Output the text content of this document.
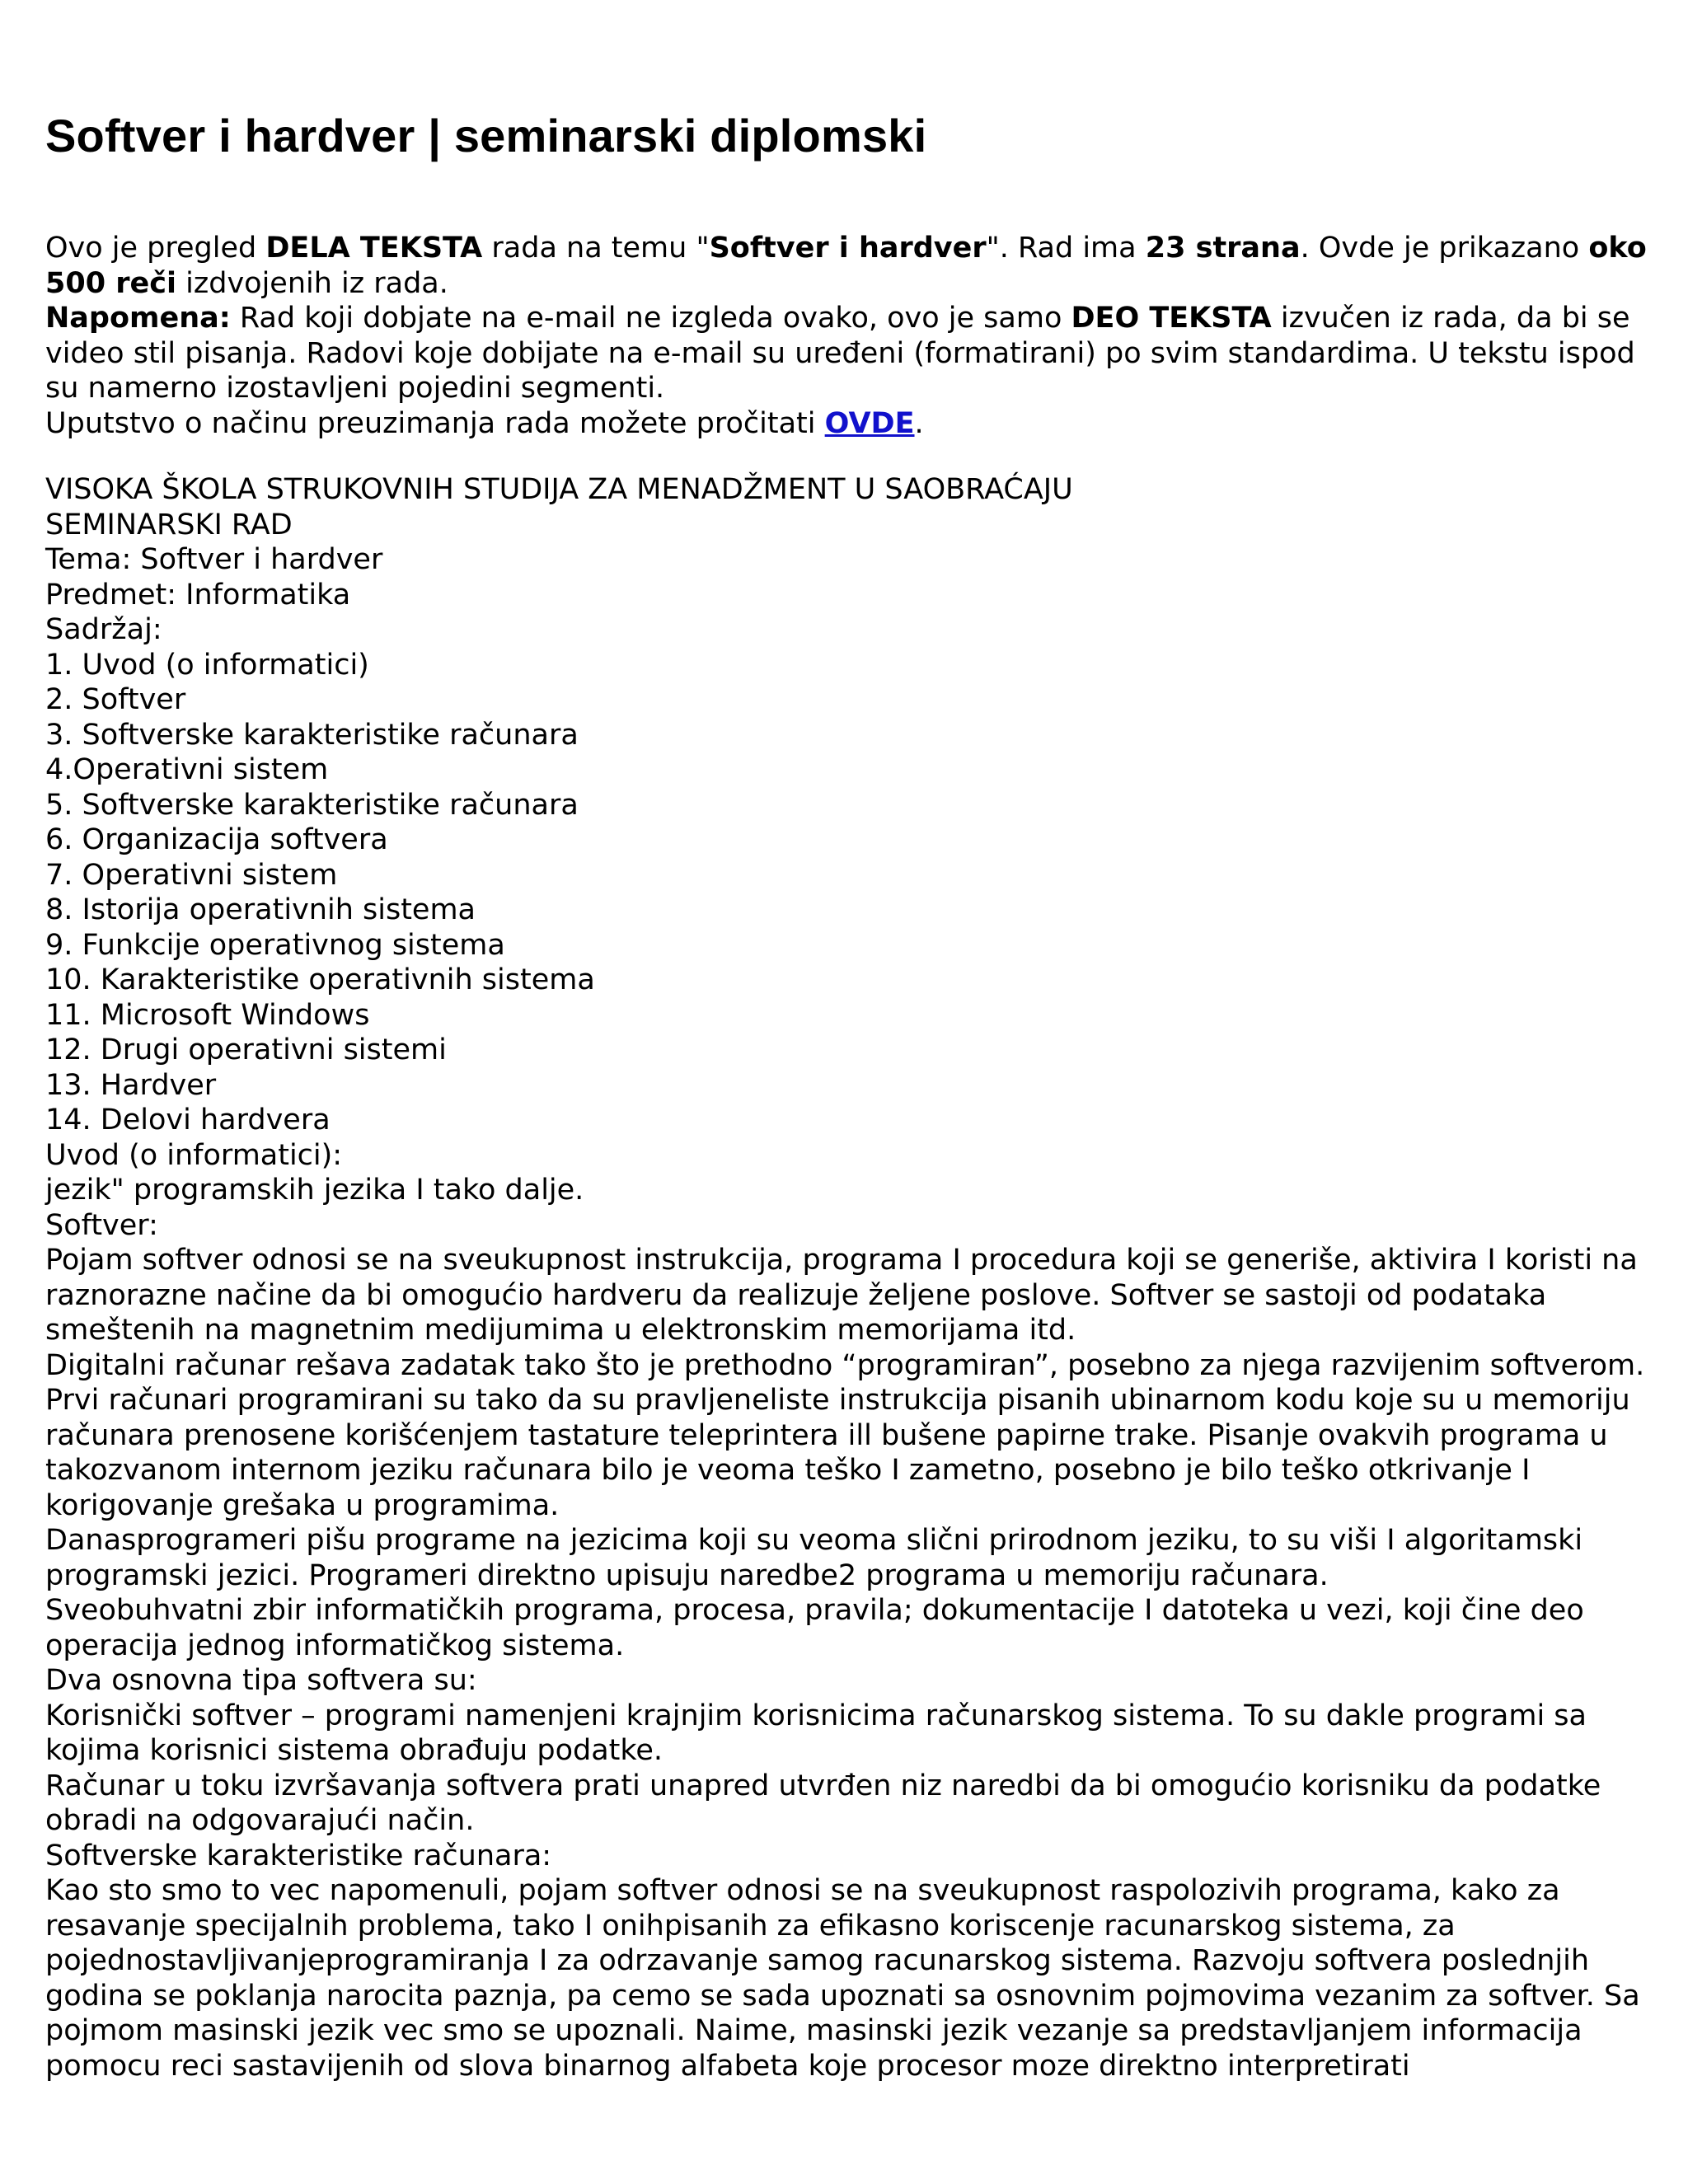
Softver i hardver | seminarski diplomski

Ovo je pregled DELA TEKSTA rada na temu "Softver i hardver". Rad ima 23 strana. Ovde je prikazano oko 500 reči izdvojenih iz rada.

Napomena: Rad koji dobjate na e-mail ne izgleda ovako, ovo je samo DEO TEKSTA izvučen iz rada, da bi se video stil pisanja. Radovi koje dobijate na e-mail su uređeni (formatirani) po svim standardima. U tekstu ispod su namerno izostavljeni pojedini segmenti.

Uputstvo o načinu preuzimanja rada možete pročitati OVDE.

VISOKA ŠKOLA STRUKOVNIH STUDIJA ZA MENADŽMENT U SAOBRAĆAJU
SEMINARSKI RAD
Tema: Softver i hardver
Predmet: Informatika
Sadržaj:
1. Uvod (o informatici)
2. Softver
3. Softverske karakteristike računara
4.Operativni sistem
5. Softverske karakteristike računara
6. Organizacija softvera
7. Operativni sistem
8. Istorija operativnih sistema
9. Funkcije operativnog sistema
10. Karakteristike operativnih sistema
11. Microsoft Windows
12. Drugi operativni sistemi
13. Hardver
14. Delovi hardvera
Uvod (o informatici):
jezik" programskih jezika I tako dalje.
Softver:
Pojam softver odnosi se na sveukupnost instrukcija, programa I procedura koji se generiše, aktivira I koristi na raznorazne načine da bi omogućio hardveru da realizuje željene poslove. Softver se sastoji od podataka smeštenih na magnetnim medijumima u elektronskim memorijama itd.
Digitalni računar rešava zadatak tako što je prethodno “programiran”, posebno za njega razvijenim softverom. Prvi računari programirani su tako da su pravljeneliste instrukcija pisanih ubinarnom kodu koje su u memoriju računara prenosene korišćenjem tastature teleprintera ill bušene papirne trake. Pisanje ovakvih programa u takozvanom internom jeziku računara bilo je veoma teško I zametno, posebno je bilo teško otkrivanje I korigovanje grešaka u programima.
Danasprogrameri pišu programe na jezicima koji su veoma slični prirodnom jeziku, to su viši I algoritamski programski jezici. Programeri direktno upisuju naredbe2 programa u memoriju računara.
Sveobuhvatni zbir informatičkih programa, procesa, pravila; dokumentacije I datoteka u vezi, koji čine deo operacija jednog informatičkog sistema.
Dva osnovna tipa softvera su:
Korisnički softver – programi namenjeni krajnjim korisnicima računarskog sistema. To su dakle programi sa kojima korisnici sistema obrađuju podatke.
Računar u toku izvršavanja softvera prati unapred utvrđen niz naredbi da bi omogućio korisniku da podatke obradi na odgovarajući način.
Softverske karakteristike računara:
Kao sto smo to vec napomenuli, pojam softver odnosi se na sveukupnost raspolozivih programa, kako za resavanje specijalnih problema, tako I onihpisanih za efikasno koriscenje racunarskog sistema, za pojednostavljivanjeprogramiranja I za odrzavanje samog racunarskog sistema. Razvoju softvera poslednjih godina se poklanja narocita paznja, pa cemo se sada upoznati sa osnovnim pojmovima vezanim za softver. Sa pojmom masinski jezik vec smo se upoznali. Naime, masinski jezik vezanje sa predstavljanjem informacija pomocu reci sastavijenih od slova binarnog alfabeta koje procesor moze direktno interpretirati
